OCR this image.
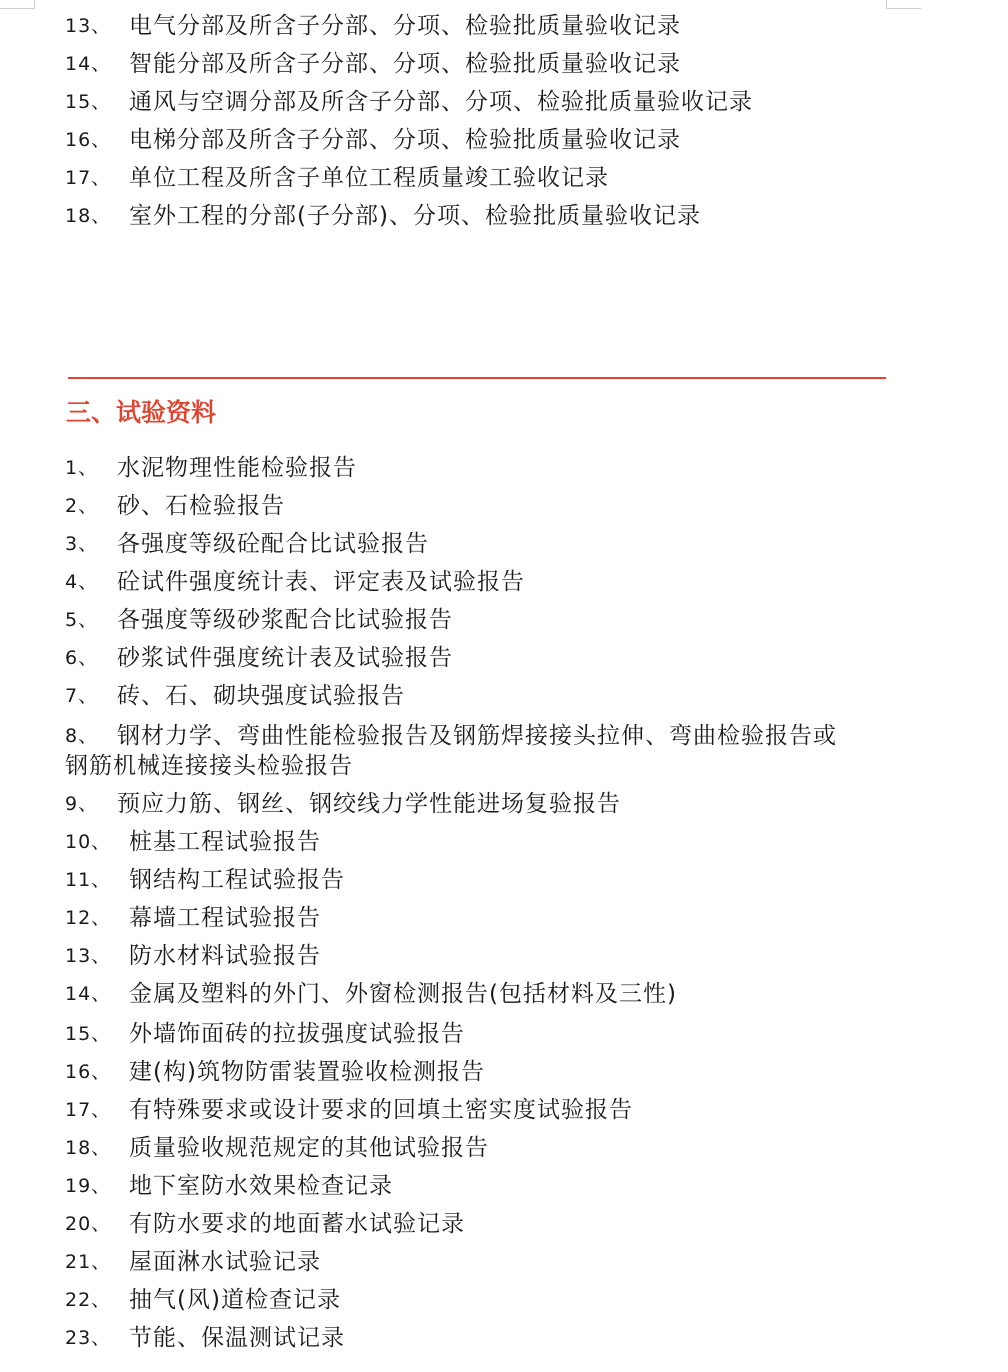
13、 电气分部及所含子分部、分项、检验批质量验收记录
14、 智能分部及所含子分部、分项、检验批质量验收记录
15、 通风与空调分部及所含子分部、分项、检验批质量验收记录
16、 电梯分部及所含子分部、分项、检验批质量验收记录
17、 单位工程及所含子单位工程质量竣工验收记录
18、 室外工程的分部(子分部)、分项、检验批质量验收记录
三、试验资料
1、 水泥物理性能检验报告
2、 砂、石检验报告
3、 各强度等级砼配合比试验报告
4、 砼试件强度统计表、评定表及试验报告
5、 各强度等级砂浆配合比试验报告
6、 砂浆试件强度统计表及试验报告
7、 砖、石、砌块强度试验报告
8、 钢材力学、弯曲性能检验报告及钢筋焊接接头拉伸、弯曲检验报告或
钢筋机械连接接头检验报告
9、 预应力筋、钢丝、钢绞线力学性能进场复验报告
10、 桩基工程试验报告
11、 钢结构工程试验报告
12、 幕墙工程试验报告
13、 防水材料试验报告
14、 金属及塑料的外门、外窗检测报告(包括材料及三性)
15、 外墙饰面砖的拉拔强度试验报告
16、 建(构)筑物防雷装置验收检测报告
17、 有特殊要求或设计要求的回填土密实度试验报告
18、 质量验收规范规定的其他试验报告
19、 地下室防水效果检查记录
20、 有防水要求的地面蓄水试验记录
21、 屋面淋水试验记录
22、 抽气(风)道检查记录
23、 节能、保温测试记录
